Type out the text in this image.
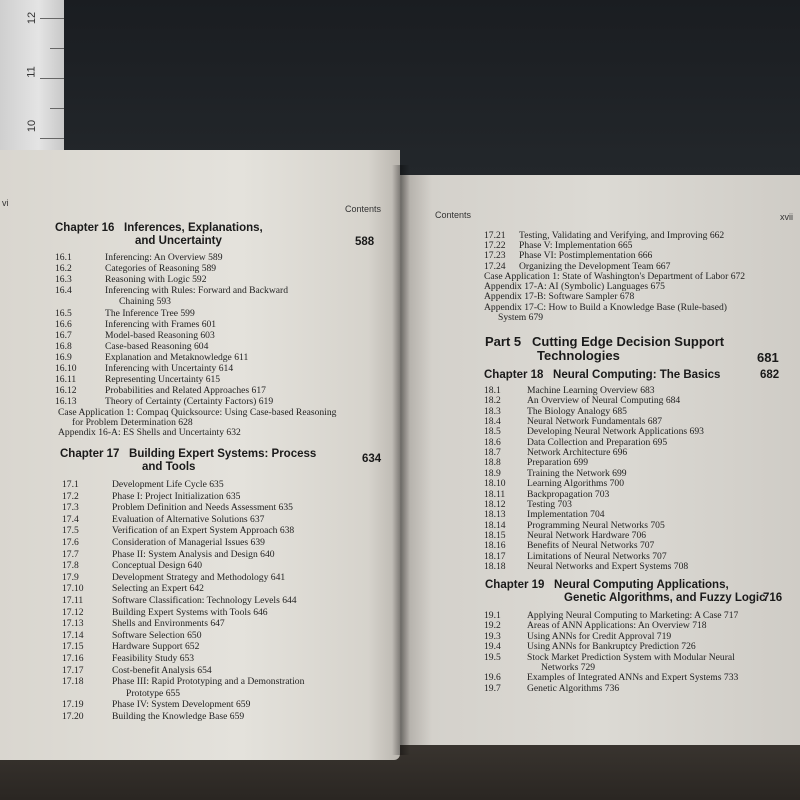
12
11
10
vi
Contents
Chapter 16 Inferences, Explanations,
and Uncertainty	588
16.1	Inferencing: An Overview 589
16.2	Categories of Reasoning 589
16.3	Reasoning with Logic 592
16.4	Inferencing with Rules: Forward and Backward
Chaining 593
16.5	The Inference Tree 599
16.6	Inferencing with Frames 601
16.7	Model-based Reasoning 603
16.8	Case-based Reasoning 604
16.9	Explanation and Metaknowledge 611
16.10	Inferencing with Uncertainty 614
16.11	Representing Uncertainty 615
16.12	Probabilities and Related Approaches 617
16.13	Theory of Certainty (Certainty Factors) 619
Case Application 1: Compaq Quicksource: Using Case-based Reasoning
for Problem Determination 628
Appendix 16-A: ES Shells and Uncertainty 632
Chapter 17 Building Expert Systems: Process
and Tools
634
17.1	Development Life Cycle 635
17.2	Phase I: Project Initialization 635
17.3	Problem Definition and Needs Assessment 635
17.4	Evaluation of Alternative Solutions 637
17.5	Verification of an Expert System Approach 638
17.6	Consideration of Managerial Issues 639
17.7	Phase II: System Analysis and Design 640
17.8	Conceptual Design 640
17.9	Development Strategy and Methodology 641
17.10	Selecting an Expert 642
17.11	Software Classification: Technology Levels 644
17.12	Building Expert Systems with Tools 646
17.13	Shells and Environments 647
17.14	Software Selection 650
17.15	Hardware Support 652
17.16	Feasibility Study 653
17.17	Cost-benefit Analysis 654
17.18	Phase III: Rapid Prototyping and a Demonstration
Prototype 655
17.19	Phase IV: System Development 659
17.20	Building the Knowledge Base 659
Contents	xvii
17.21 Testing, Validating and Verifying, and Improving 662
17.22 Phase V: Implementation 665
17.23 Phase VI: Postimplementation 666
17.24 Organizing the Development Team 667
Case Application 1: State of Washington's Department of Labor 672
Appendix 17-A: AI (Symbolic) Languages 675
Appendix 17-B: Software Sampler 678
Appendix 17-C: How to Build a Knowledge Base (Rule-based)
System 679
Part 5 Cutting Edge Decision Support
Technologies	681
Chapter 18 Neural Computing: The Basics	682
18.1	Machine Learning Overview 683
18.2	An Overview of Neural Computing 684
18.3	The Biology Analogy 685
18.4	Neural Network Fundamentals 687
18.5	Developing Neural Network Applications 693
18.6	Data Collection and Preparation 695
18.7	Network Architecture 696
18.8	Preparation 699
18.9	Training the Network 699
18.10 Learning Algorithms 700
18.11 Backpropagation 703
18.12 Testing 703
18.13 Implementation 704
18.14 Programming Neural Networks 705
18.15 Neural Network Hardware 706
18.16 Benefits of Neural Networks 707
18.17 Limitations of Neural Networks 707
18.18 Neural Networks and Expert Systems 708
Chapter 19 Neural Computing Applications,
Genetic Algorithms, and Fuzzy Logic
716
19.1	Applying Neural Computing to Marketing: A Case 717
19.2	Areas of ANN Applications: An Overview 718
19.3	Using ANNs for Credit Approval 719
19.4	Using ANNs for Bankruptcy Prediction 726
19.5	Stock Market Prediction System with Modular Neural
Networks 729
19.6	Examples of Integrated ANNs and Expert Systems 733
19.7	Genetic Algorithms 736
